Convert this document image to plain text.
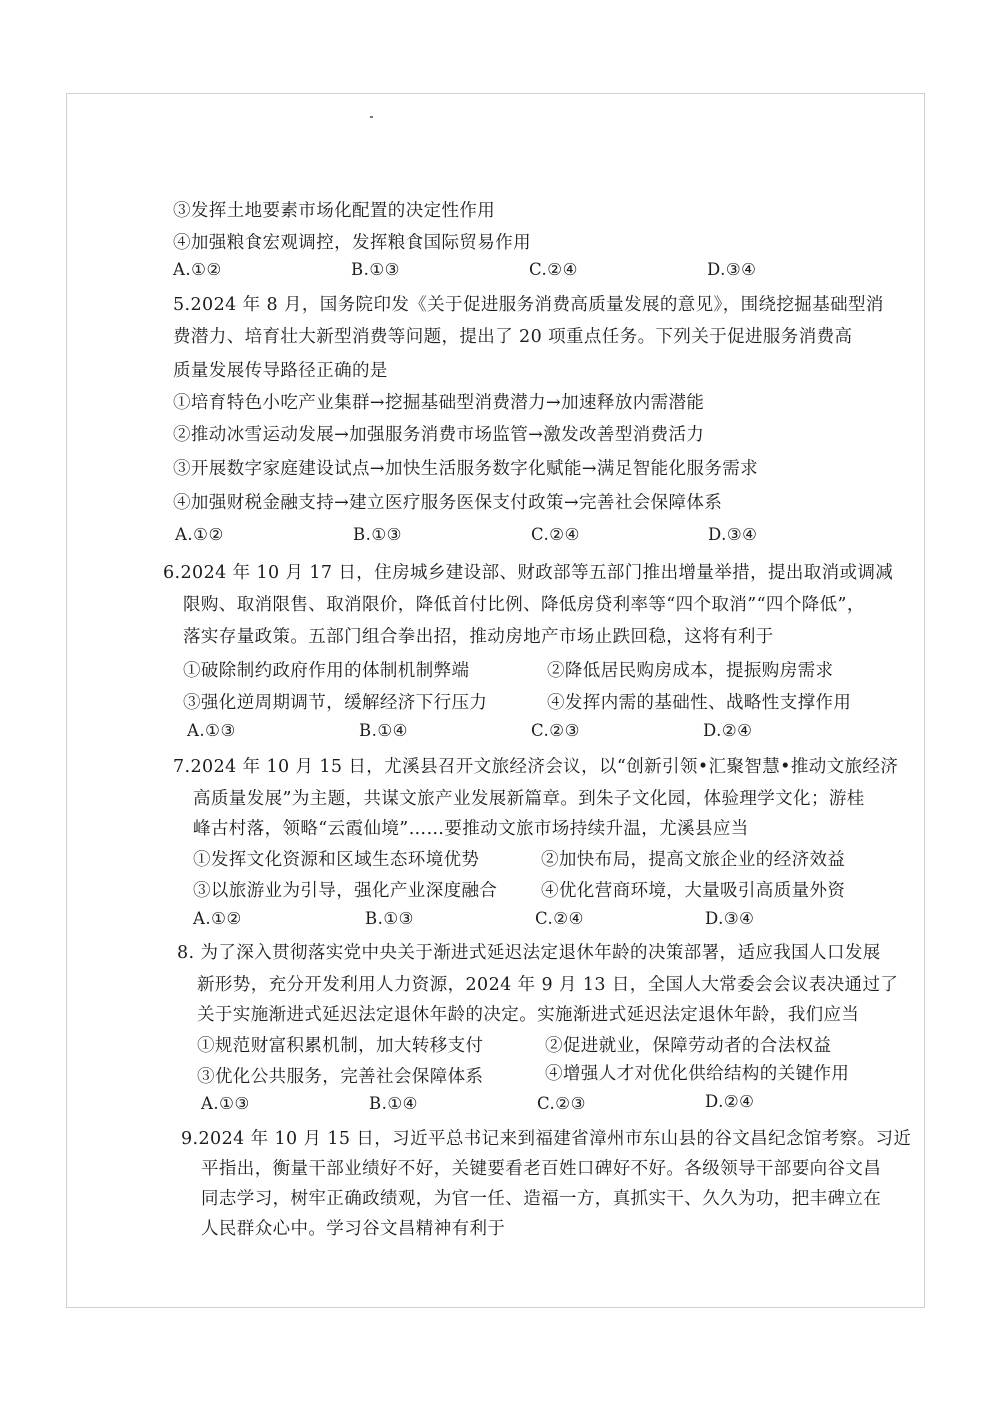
③发挥土地要素市场化配置的决定性作用
④加强粮食宏观调控，发挥粮食国际贸易作用
A.①②	B.①③	C.②④	D.③④
5.2024 年 8 月，国务院印发《关于促进服务消费高质量发展的意见》，围绕挖掘基础型消
费潜力、培育壮大新型消费等问题，提出了 20 项重点任务。下列关于促进服务消费高
质量发展传导路径正确的是
①培育特色小吃产业集群→挖掘基础型消费潜力→加速释放内需潜能
②推动冰雪运动发展→加强服务消费市场监管→激发改善型消费活力
③开展数字家庭建设试点→加快生活服务数字化赋能→满足智能化服务需求
④加强财税金融支持→建立医疗服务医保支付政策→完善社会保障体系
A.①②	B.①③	C.②④	D.③④
6.2024 年 10 月 17 日，住房城乡建设部、财政部等五部门推出增量举措，提出取消或调减
限购、取消限售、取消限价，降低首付比例、降低房贷利率等“四个取消”“四个降低”，
落实存量政策。五部门组合拳出招，推动房地产市场止跌回稳，这将有利于
①破除制约政府作用的体制机制弊端	②降低居民购房成本，提振购房需求
③强化逆周期调节，缓解经济下行压力	④发挥内需的基础性、战略性支撑作用
A.①③	B.①④	C.②③	D.②④
7.2024 年 10 月 15 日，尤溪县召开文旅经济会议，以“创新引领•汇聚智慧•推动文旅经济
高质量发展”为主题，共谋文旅产业发展新篇章。到朱子文化园，体验理学文化；游桂
峰古村落，领略“云霞仙境”……要推动文旅市场持续升温，尤溪县应当
①发挥文化资源和区域生态环境优势	②加快布局，提高文旅企业的经济效益
③以旅游业为引导，强化产业深度融合 ④优化营商环境，大量吸引高质量外资
A.①②	B.①③	C.②④	D.③④
8. 为了深入贯彻落实党中央关于渐进式延迟法定退休年龄的决策部署，适应我国人口发展
新形势，充分开发利用人力资源，2024 年 9 月 13 日，全国人大常委会会议表决通过了
关于实施渐进式延迟法定退休年龄的决定。实施渐进式延迟法定退休年龄，我们应当
①规范财富积累机制，加大转移支付	②促进就业，保障劳动者的合法权益
③优化公共服务，完善社会保障体系	④增强人才对优化供给结构的关键作用
A.①③	B.①④	C.②③	D.②④
9.2024 年 10 月 15 日，习近平总书记来到福建省漳州市东山县的谷文昌纪念馆考察。习近
平指出，衡量干部业绩好不好，关键要看老百姓口碑好不好。各级领导干部要向谷文昌
同志学习，树牢正确政绩观，为官一任、造福一方，真抓实干、久久为功，把丰碑立在
人民群众心中。学习谷文昌精神有利于
